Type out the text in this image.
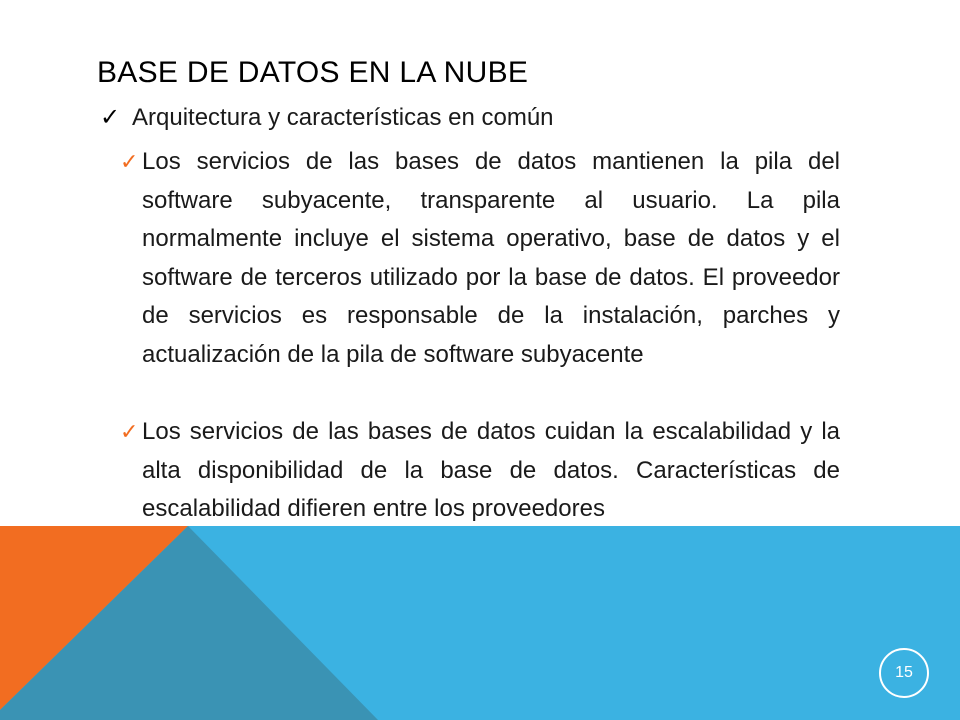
BASE DE DATOS EN LA NUBE
✓ Arquitectura y características en común
✓ Los servicios de las bases de datos mantienen la pila del software subyacente, transparente al usuario. La pila normalmente incluye el sistema operativo, base de datos y el software de terceros utilizado por la base de datos. El proveedor de servicios es responsable de la instalación, parches y actualización de la pila de software subyacente

✓ Los servicios de las bases de datos cuidan la escalabilidad y la alta disponibilidad de la base de datos. Características de escalabilidad difieren entre los proveedores

15
